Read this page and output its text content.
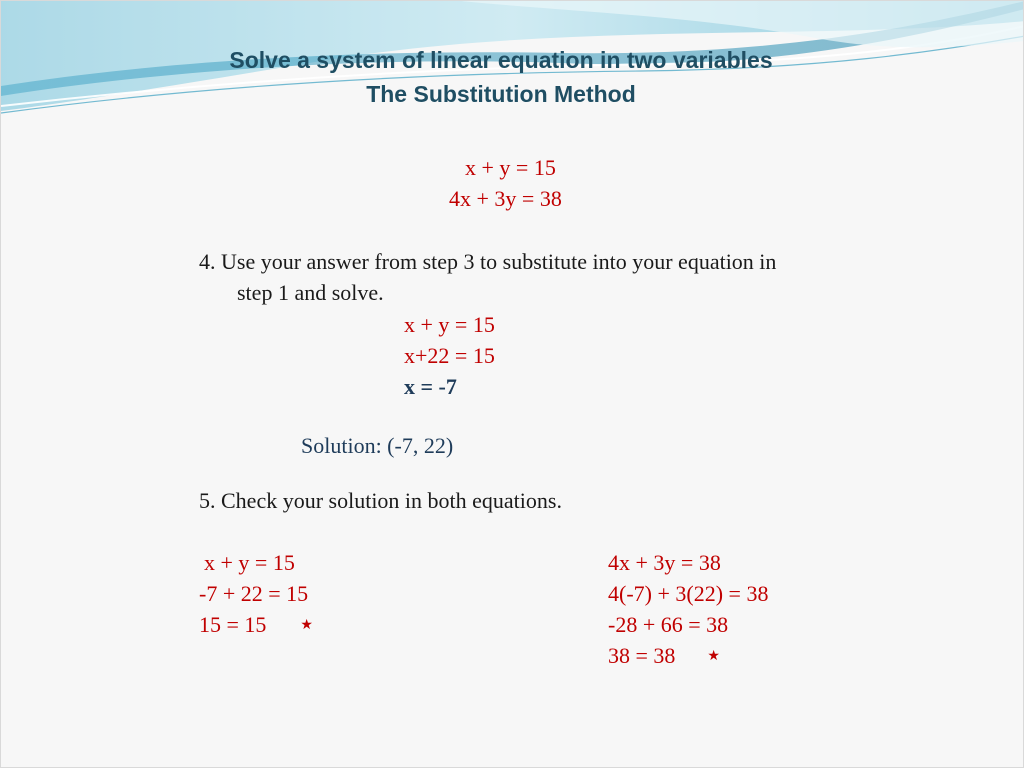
Solve a system of linear equation in two variables
The Substitution Method
x + y = 15
4x + 3y = 38
4. Use your answer from step 3 to substitute into your equation in
step 1 and solve.
x + y = 15
x+22 = 15
x = -7
Solution: (-7, 22)
5. Check your solution in both equations.
x + y = 15
-7 + 22 = 15
15 = 15 ★
4x + 3y = 38
4(-7) + 3(22) = 38
-28 + 66 = 38
38 = 38 ★
